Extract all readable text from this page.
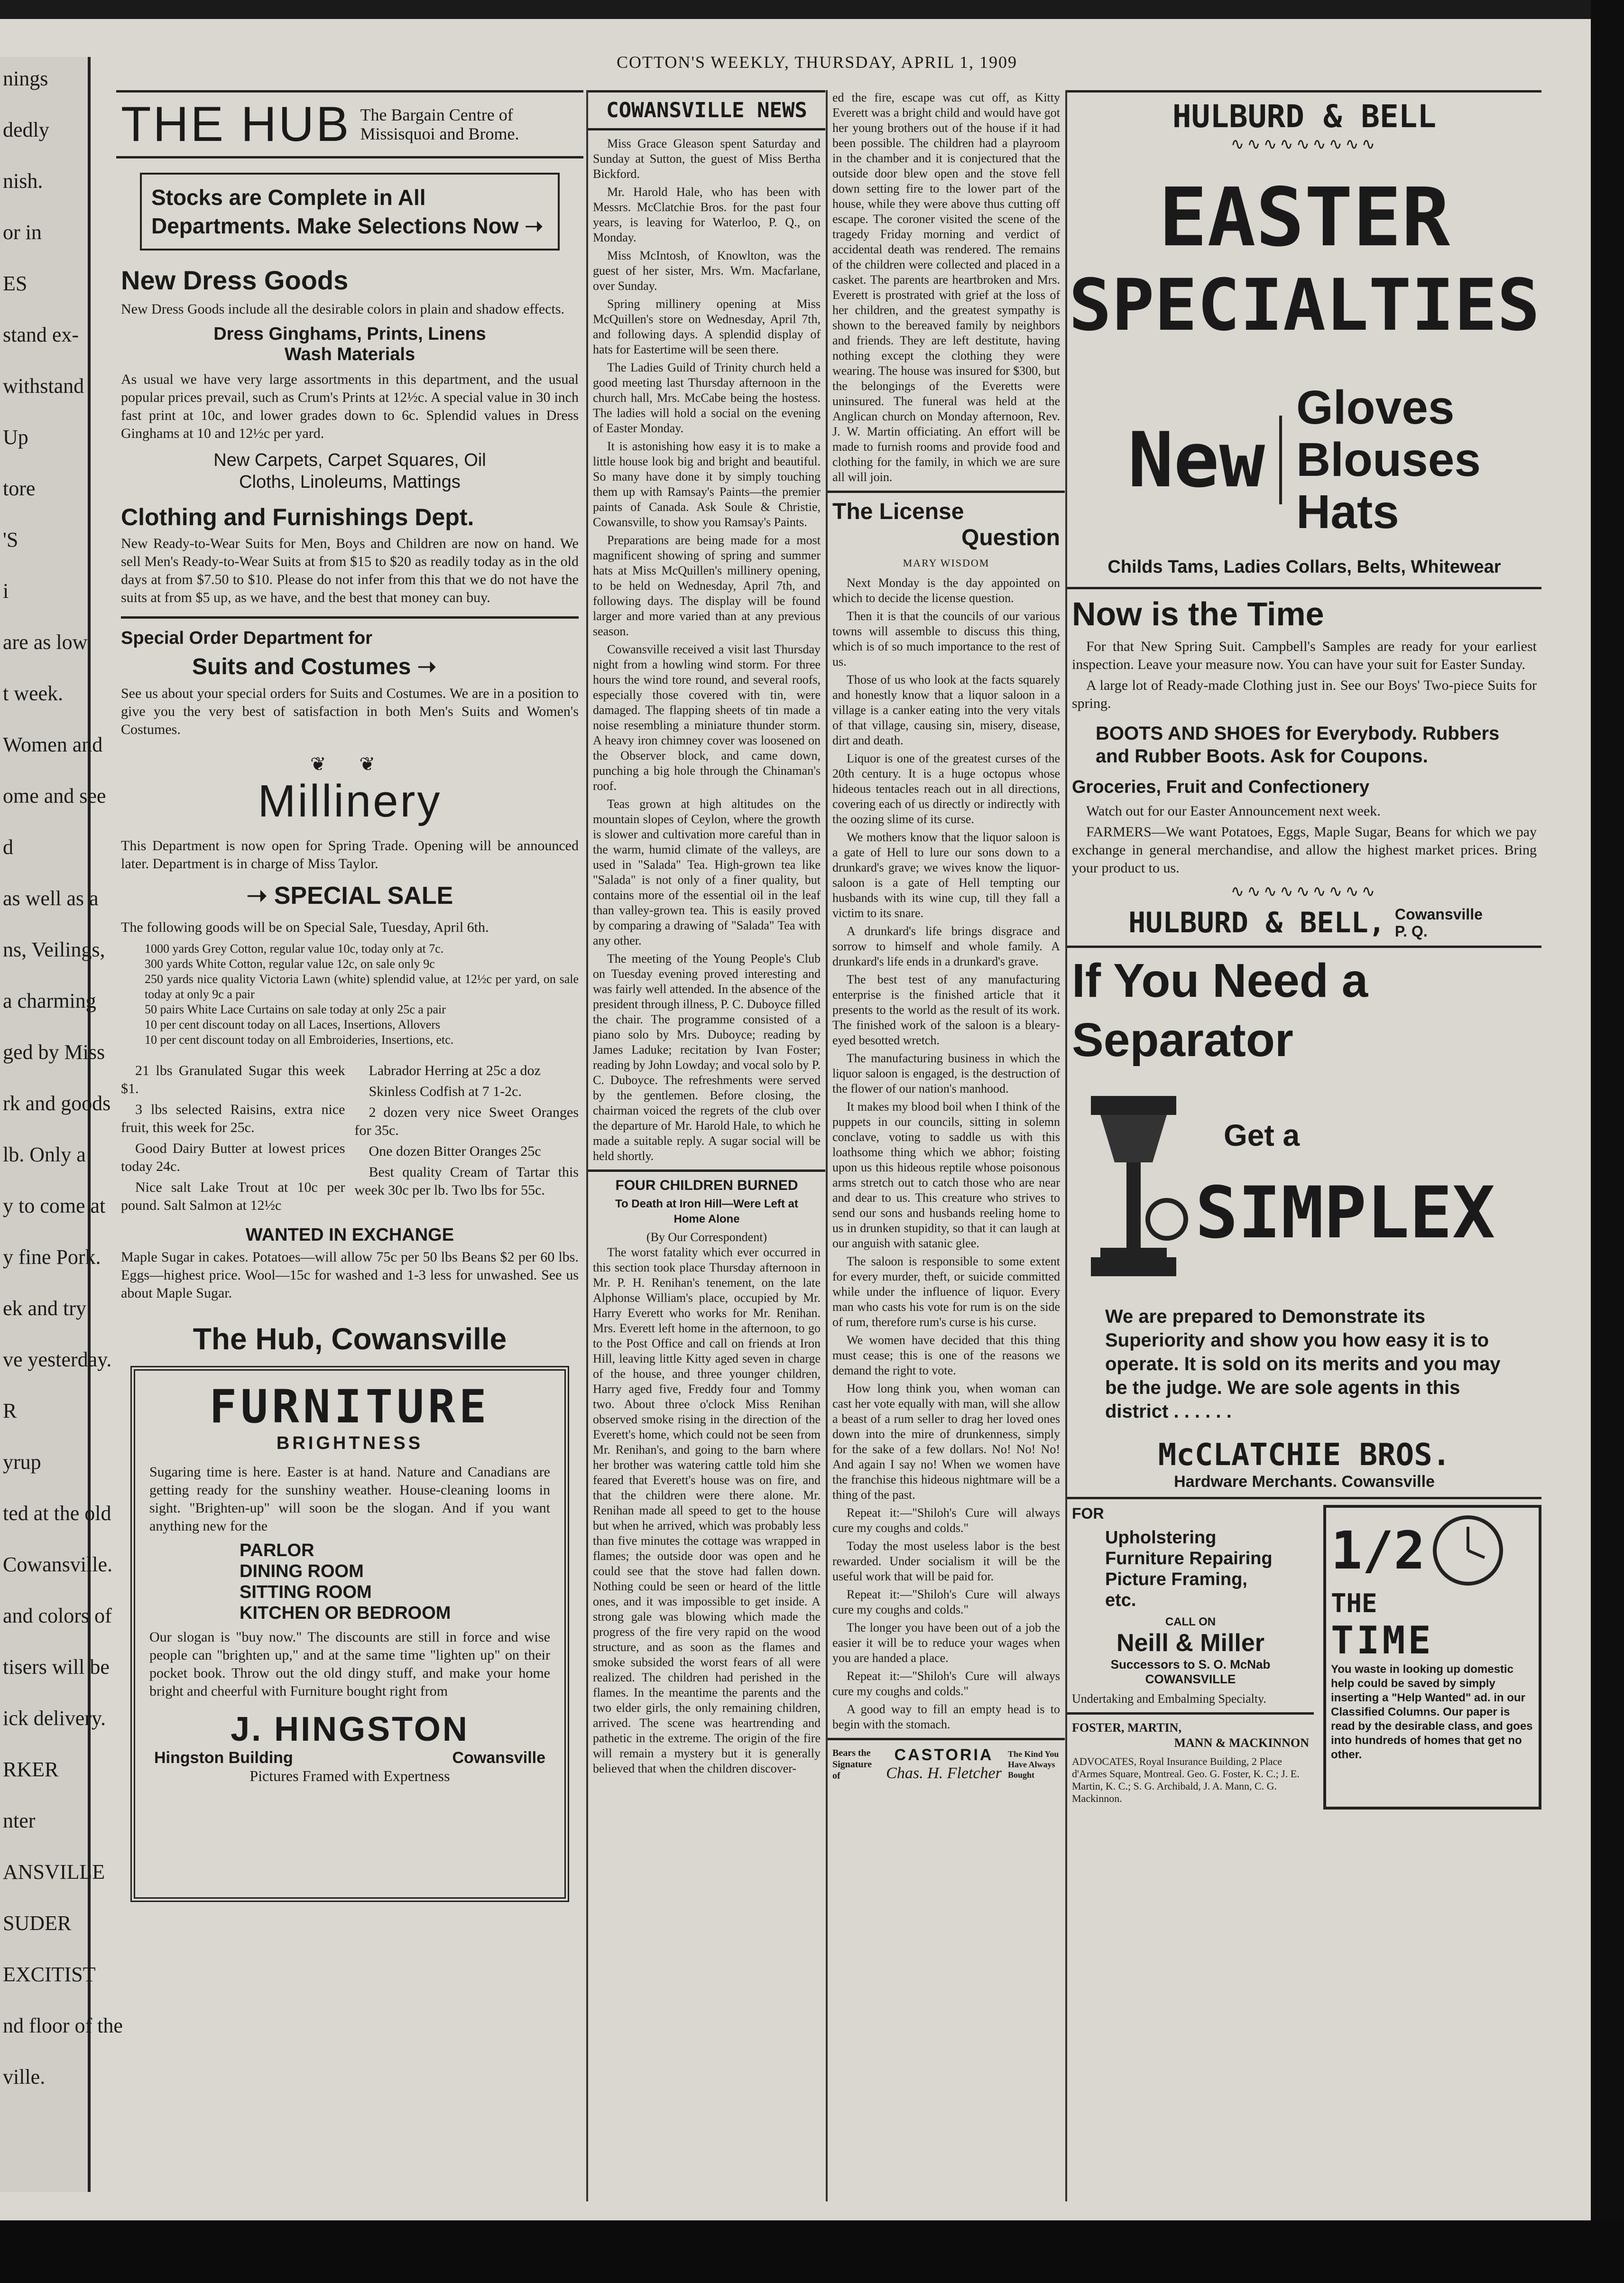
COTTON'S WEEKLY, THURSDAY, APRIL 1, 1909
nings
dedly
nish.
or in
ES
stand ex-
withstand
Up
tore
'S
i
are as low
t week.
Women and
ome and see
d
as well as a
ns, Veilings,
a charming
ged by Miss
rk and goods
lb. Only a
y to come at
y fine Pork.
ek and try
ve yesterday.
R
yrup
ted at the old
Cowansville.
and colors of
tisers will be
ick delivery.
RKER
nter
ANSVILLE
SUDER
EXCITIST
nd floor of the
ville.
THE HUB The Bargain Centre of Missisquoi and Brome.
Stocks are Complete in All Departments. Make Selections Now ➝
New Dress Goods
New Dress Goods include all the desirable colors in plain and shadow effects.
Dress Ginghams, Prints, Linens Wash Materials
As usual we have very large assortments in this department, and the usual popular prices prevail, such as Crum's Prints at 12½c. A special value in 30 inch fast print at 10c, and lower grades down to 6c. Splendid values in Dress Ginghams at 10 and 12½c per yard.
New Carpets, Carpet Squares, Oil Cloths, Linoleums, Mattings
Clothing and Furnishings Dept.
New Ready-to-Wear Suits for Men, Boys and Children are now on hand. We sell Men's Ready-to-Wear Suits at from $15 to $20 as readily today as in the old days at from $7.50 to $10. Please do not infer from this that we do not have the suits at from $5 up, as we have, and the best that money can buy.
Special Order Department for
Suits and Costumes ➝
See us about your special orders for Suits and Costumes. We are in a position to give you the very best of satisfaction in both Men's Suits and Women's Costumes.
❦ ❦
Millinery
This Department is now open for Spring Trade. Opening will be announced later. Department is in charge of Miss Taylor.
➝ SPECIAL SALE
The following goods will be on Special Sale, Tuesday, April 6th.
1000 yards Grey Cotton, regular value 10c, today only at 7c.
300 yards White Cotton, regular value 12c, on sale only 9c
250 yards nice quality Victoria Lawn (white) splendid value, at 12½c per yard, on sale today at only 9c a pair
50 pairs White Lace Curtains on sale today at only 25c a pair
10 per cent discount today on all Laces, Insertions, Allovers
10 per cent discount today on all Embroideries, Insertions, etc.

21 lbs Granulated Sugar this week $1.

3 lbs selected Raisins, extra nice fruit, this week for 25c.

Good Dairy Butter at lowest prices today 24c.

Nice salt Lake Trout at 10c per pound. Salt Salmon at 12½c

Labrador Herring at 25c a doz

Skinless Codfish at 7 1-2c.

2 dozen very nice Sweet Oranges for 35c.

One dozen Bitter Oranges 25c

Best quality Cream of Tartar this week 30c per lb. Two lbs for 55c.

WANTED IN EXCHANGE
Maple Sugar in cakes. Potatoes—will allow 75c per 50 lbs Beans $2 per 60 lbs. Eggs—highest price. Wool—15c for washed and 1-3 less for unwashed. See us about Maple Sugar.
The Hub, Cowansville
FURNITURE
BRIGHTNESS
Sugaring time is here. Easter is at hand. Nature and Canadians are getting ready for the sunshiny weather. House-cleaning looms in sight. "Brighten-up" will soon be the slogan. And if you want anything new for the
PARLOR
DINING ROOM
SITTING ROOM
KITCHEN OR BEDROOM
Our slogan is "buy now." The discounts are still in force and wise people can "brighten up," and at the same time "lighten up" on their pocket book. Throw out the old dingy stuff, and make your home bright and cheerful with Furniture bought right from
J. HINGSTON
Hingston Building	Cowansville
Pictures Framed with Expertness
COWANSVILLE NEWS

Miss Grace Gleason spent Saturday and Sunday at Sutton, the guest of Miss Bertha Bickford.

Mr. Harold Hale, who has been with Messrs. McClatchie Bros. for the past four years, is leaving for Waterloo, P. Q., on Monday.

Miss McIntosh, of Knowlton, was the guest of her sister, Mrs. Wm. Macfarlane, over Sunday.

Spring millinery opening at Miss McQuillen's store on Wednesday, April 7th, and following days. A splendid display of hats for Eastertime will be seen there.

The Ladies Guild of Trinity church held a good meeting last Thursday afternoon in the church hall, Mrs. McCabe being the hostess. The ladies will hold a social on the evening of Easter Monday.

It is astonishing how easy it is to make a little house look big and bright and beautiful. So many have done it by simply touching them up with Ramsay's Paints—the premier paints of Canada. Ask Soule & Christie, Cowansville, to show you Ramsay's Paints.

Preparations are being made for a most magnificent showing of spring and summer hats at Miss McQuillen's millinery opening, to be held on Wednesday, April 7th, and following days. The display will be found larger and more varied than at any previous season.

Cowansville received a visit last Thursday night from a howling wind storm. For three hours the wind tore round, and several roofs, especially those covered with tin, were damaged. The flapping sheets of tin made a noise resembling a miniature thunder storm. A heavy iron chimney cover was loosened on the Observer block, and came down, punching a big hole through the Chinaman's roof.

Teas grown at high altitudes on the mountain slopes of Ceylon, where the growth is slower and cultivation more careful than in the warm, humid climate of the valleys, are used in "Salada" Tea. High-grown tea like "Salada" is not only of a finer quality, but contains more of the essential oil in the leaf than valley-grown tea. This is easily proved by comparing a drawing of "Salada" Tea with any other.

The meeting of the Young People's Club on Tuesday evening proved interesting and was fairly well attended. In the absence of the president through illness, P. C. Duboyce filled the chair. The programme consisted of a piano solo by Mrs. Duboyce; reading by James Laduke; recitation by Ivan Foster; reading by John Lowday; and vocal solo by P. C. Duboyce. The refreshments were served by the gentlemen. Before closing, the chairman voiced the regrets of the club over the departure of Mr. Harold Hale, to which he made a suitable reply. A sugar social will be held shortly.

FOUR CHILDREN BURNED
To Death at Iron Hill—Were Left at Home Alone
(By Our Correspondent)

The worst fatality which ever occurred in this section took place Thursday afternoon in Mr. P. H. Renihan's tenement, on the late Alphonse William's place, occupied by Mr. Harry Everett who works for Mr. Renihan. Mrs. Everett left home in the afternoon, to go to the Post Office and call on friends at Iron Hill, leaving little Kitty aged seven in charge of the house, and three younger children, Harry aged five, Freddy four and Tommy two. About three o'clock Miss Renihan observed smoke rising in the direction of the Everett's home, which could not be seen from Mr. Renihan's, and going to the barn where her brother was watering cattle told him she feared that Everett's house was on fire, and that the children were there alone. Mr. Renihan made all speed to get to the house but when he arrived, which was probably less than five minutes the cottage was wrapped in flames; the outside door was open and he could see that the stove had fallen down. Nothing could be seen or heard of the little ones, and it was impossible to get inside. A strong gale was blowing which made the progress of the fire very rapid on the wood structure, and as soon as the flames and smoke subsided the worst fears of all were realized. The children had perished in the flames. In the meantime the parents and the two elder girls, the only remaining children, arrived. The scene was heartrending and pathetic in the extreme. The origin of the fire will remain a mystery but it is generally believed that when the children discover-

ed the fire, escape was cut off, as Kitty Everett was a bright child and would have got her young brothers out of the house if it had been possible. The children had a playroom in the chamber and it is conjectured that the outside door blew open and the stove fell down setting fire to the lower part of the house, while they were above thus cutting off escape. The coroner visited the scene of the tragedy Friday morning and verdict of accidental death was rendered. The remains of the children were collected and placed in a casket. The parents are heartbroken and Mrs. Everett is prostrated with grief at the loss of her children, and the greatest sympathy is shown to the bereaved family by neighbors and friends. They are left destitute, having nothing except the clothing they were wearing. The house was insured for $300, but the belongings of the Everetts were uninsured. The funeral was held at the Anglican church on Monday afternoon, Rev. J. W. Martin officiating. An effort will be made to furnish rooms and provide food and clothing for the family, in which we are sure all will join.
The License
Question
MARY WISDOM

Next Monday is the day appointed on which to decide the license question.

Then it is that the councils of our various towns will assemble to discuss this thing, which is of so much importance to the rest of us.

Those of us who look at the facts squarely and honestly know that a liquor saloon in a village is a canker eating into the very vitals of that village, causing sin, misery, disease, dirt and death.

Liquor is one of the greatest curses of the 20th century. It is a huge octopus whose hideous tentacles reach out in all directions, covering each of us directly or indirectly with the oozing slime of its curse.

We mothers know that the liquor saloon is a gate of Hell to lure our sons down to a drunkard's grave; we wives know the liquor-saloon is a gate of Hell tempting our husbands with its wine cup, till they fall a victim to its snare.

A drunkard's life brings disgrace and sorrow to himself and whole family. A drunkard's life ends in a drunkard's grave.

The best test of any manufacturing enterprise is the finished article that it presents to the world as the result of its work. The finished work of the saloon is a bleary-eyed besotted wretch.

The manufacturing business in which the liquor saloon is engaged, is the destruction of the flower of our nation's manhood.

It makes my blood boil when I think of the puppets in our councils, sitting in solemn conclave, voting to saddle us with this loathsome thing which we abhor; foisting upon us this hideous reptile whose poisonous arms stretch out to catch those who are near and dear to us. This creature who strives to send our sons and husbands reeling home to us in drunken stupidity, so that it can laugh at our anguish with satanic glee.

The saloon is responsible to some extent for every murder, theft, or suicide committed while under the influence of liquor. Every man who casts his vote for rum is on the side of rum, therefore rum's curse is his curse.

We women have decided that this thing must cease; this is one of the reasons we demand the right to vote.

How long think you, when woman can cast her vote equally with man, will she allow a beast of a rum seller to drag her loved ones down into the mire of drunkenness, simply for the sake of a few dollars. No! No! No! And again I say no! When we women have the franchise this hideous nightmare will be a thing of the past.

Repeat it:—"Shiloh's Cure will always cure my coughs and colds."

Today the most useless labor is the best rewarded. Under socialism it will be the useful work that will be paid for.

Repeat it:—"Shiloh's Cure will always cure my coughs and colds."

The longer you have been out of a job the easier it will be to reduce your wages when you are handed a place.

Repeat it:—"Shiloh's Cure will always cure my coughs and colds."

A good way to fill an empty head is to begin with the stomach.

Bears the Signature of
CASTORIA
Chas. H. Fletcher
The Kind You Have Always Bought
HULBURD & BELL
∿∿∿∿∿∿∿∿∿
EASTER
SPECIALTIES
New
Gloves
Blouses
Hats
Childs Tams, Ladies Collars, Belts, Whitewear
Now is the Time

For that New Spring Suit. Campbell's Samples are ready for your earliest inspection. Leave your measure now. You can have your suit for Easter Sunday.

A large lot of Ready-made Clothing just in. See our Boys' Two-piece Suits for spring.

BOOTS AND SHOES for Everybody. Rubbers and Rubber Boots. Ask for Coupons.
Groceries, Fruit and Confectionery

Watch out for our Easter Announcement next week.

FARMERS—We want Potatoes, Eggs, Maple Sugar, Beans for which we pay exchange in general merchandise, and allow the highest market prices. Bring your product to us.

∿∿∿∿∿∿∿∿∿
HULBURD & BELL, Cowansville P. Q.
If You Need a
Separator
Get a
SIMPLEX
We are prepared to Demonstrate its Superiority and show you how easy it is to operate. It is sold on its merits and you may be the judge. We are sole agents in this district . . . . . .
McCLATCHIE BROS.
Hardware Merchants. Cowansville
FOR
Upholstering Furniture Repairing Picture Framing, etc.
CALL ON
Neill & Miller
Successors to S. O. McNab
COWANSVILLE
Undertaking and Embalming Specialty.
FOSTER, MARTIN,
MANN & MACKINNON
ADVOCATES, Royal Insurance Building, 2 Place d'Armes Square, Montreal. Geo. G. Foster, K. C.; J. E. Martin, K. C.; S. G. Archibald, J. A. Mann, C. G. Mackinnon.
1/2
THE
TIME
You waste in looking up domestic help could be saved by simply inserting a "Help Wanted" ad. in our Classified Columns. Our paper is read by the desirable class, and goes into hundreds of homes that get no other.
